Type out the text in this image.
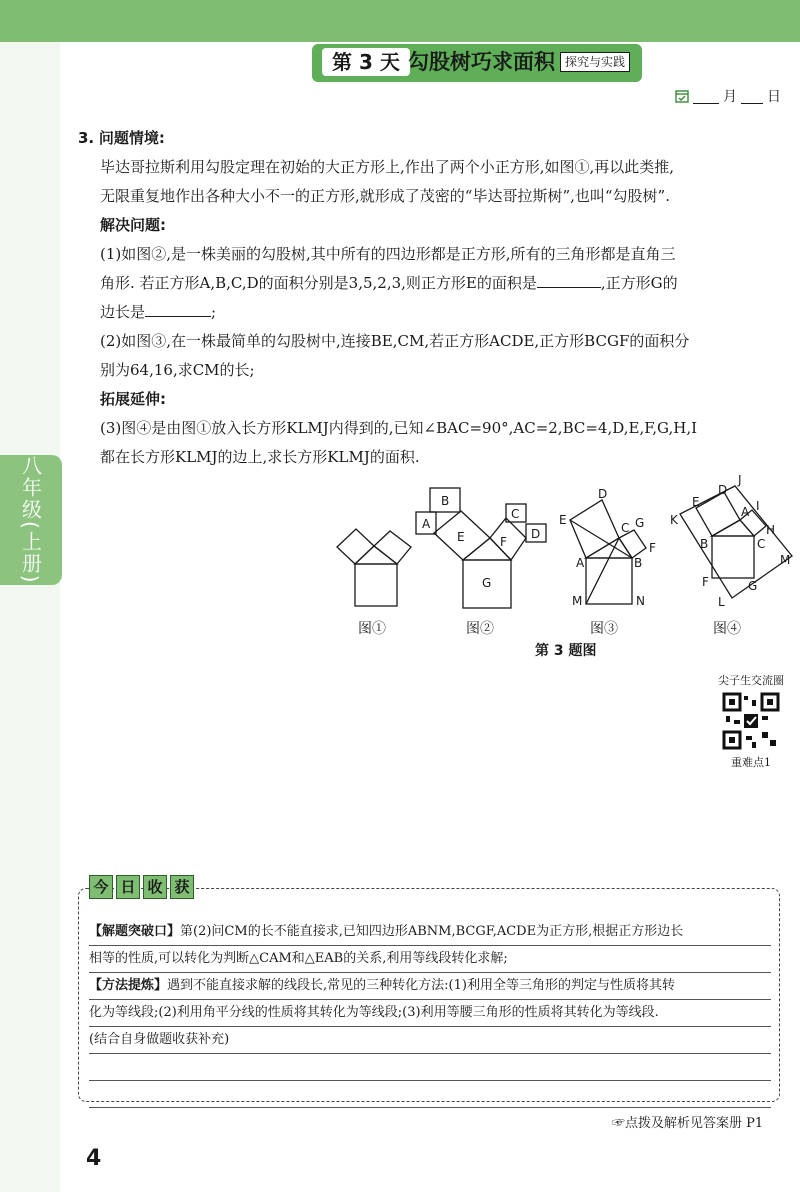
第 3 天 勾股树巧求面积 探究与实践
月 日
八年级(上册)

3. 问题情境:

毕达哥拉斯利用勾股定理在初始的大正方形上,作出了两个小正方形,如图①,再以此类推,

无限重复地作出各种大小不一的正方形,就形成了茂密的“毕达哥拉斯树”,也叫“勾股树”.

解决问题:

(1)如图②,是一株美丽的勾股树,其中所有的四边形都是正方形,所有的三角形都是直角三

角形. 若正方形A,B,C,D的面积分别是3,5,2,3,则正方形E的面积是	,正方形G的

边长是	;

(2)如图③,在一株最简单的勾股树中,连接BE,CM,若正方形ACDE,正方形BCGF的面积分

别为64,16,求CM的长;

拓展延伸:

(3)图④是由图①放入长方形KLMJ内得到的,已知∠BAC=90°,AC=2,BC=4,D,E,F,G,H,I

都在长方形KLMJ的边上,求长方形KLMJ的面积.

B
A
C
D
E	F
G
D
E
C G
F
A	B
M	N
J
D
E	I
A
K
H
B	C
F
M
G
L
图①	图②	图③	图④
第 3 题图
尖子生交流圈
重难点1
今 日 收 获
【解题突破口】第(2)问CM的长不能直接求,已知四边形ABNM,BCGF,ACDE为正方形,根据正方形边长
相等的性质,可以转化为判断△CAM和△EAB的关系,利用等线段转化求解;
【方法提炼】遇到不能直接求解的线段长,常见的三种转化方法:(1)利用全等三角形的判定与性质将其转
化为等线段;(2)利用角平分线的性质将其转化为等线段;(3)利用等腰三角形的性质将其转化为等线段.
(结合自身做题收获补充)
☞点拨及解析见答案册 P1
4
